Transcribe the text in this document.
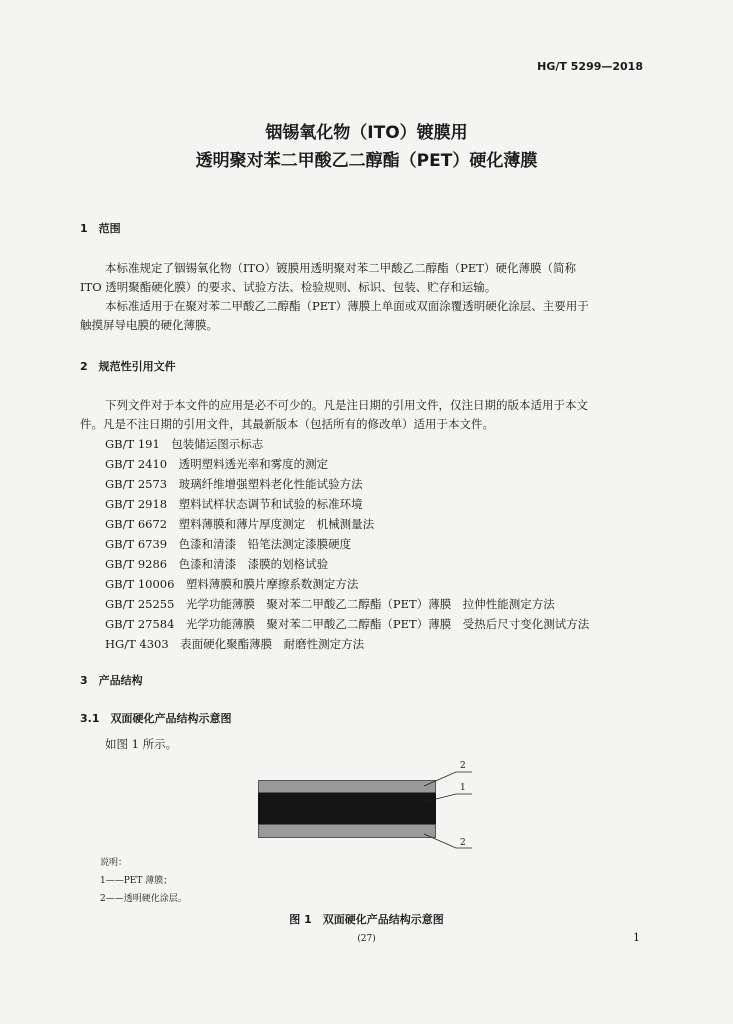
HG/T 5299—2018
铟锡氧化物（ITO）镀膜用
透明聚对苯二甲酸乙二醇酯（PET）硬化薄膜
1　范围
本标准规定了铟锡氧化物（ITO）镀膜用透明聚对苯二甲酸乙二醇酯（PET）硬化薄膜（简称
ITO 透明聚酯硬化膜）的要求、试验方法、检验规则、标识、包装、贮存和运输。
本标准适用于在聚对苯二甲酸乙二醇酯（PET）薄膜上单面或双面涂覆透明硬化涂层、主要用于
触摸屏导电膜的硬化薄膜。
2　规范性引用文件
下列文件对于本文件的应用是必不可少的。凡是注日期的引用文件，仅注日期的版本适用于本文
件。凡是不注日期的引用文件，其最新版本（包括所有的修改单）适用于本文件。
GB/T 191　包装储运图示标志
GB/T 2410　透明塑料透光率和雾度的测定
GB/T 2573　玻璃纤维增强塑料老化性能试验方法
GB/T 2918　塑料试样状态调节和试验的标准环境
GB/T 6672　塑料薄膜和薄片厚度测定　机械测量法
GB/T 6739　色漆和清漆　铅笔法测定漆膜硬度
GB/T 9286　色漆和清漆　漆膜的划格试验
GB/T 10006　塑料薄膜和膜片摩擦系数测定方法
GB/T 25255　光学功能薄膜　聚对苯二甲酸乙二醇酯（PET）薄膜　拉伸性能测定方法
GB/T 27584　光学功能薄膜　聚对苯二甲酸乙二醇酯（PET）薄膜　受热后尺寸变化测试方法
HG/T 4303　表面硬化聚酯薄膜　耐磨性测定方法
3　产品结构
3.1　双面硬化产品结构示意图
如图 1 所示。
2
1
2
说明：
1——PET 薄膜；
2——透明硬化涂层。
图 1　双面硬化产品结构示意图
(27)	1
